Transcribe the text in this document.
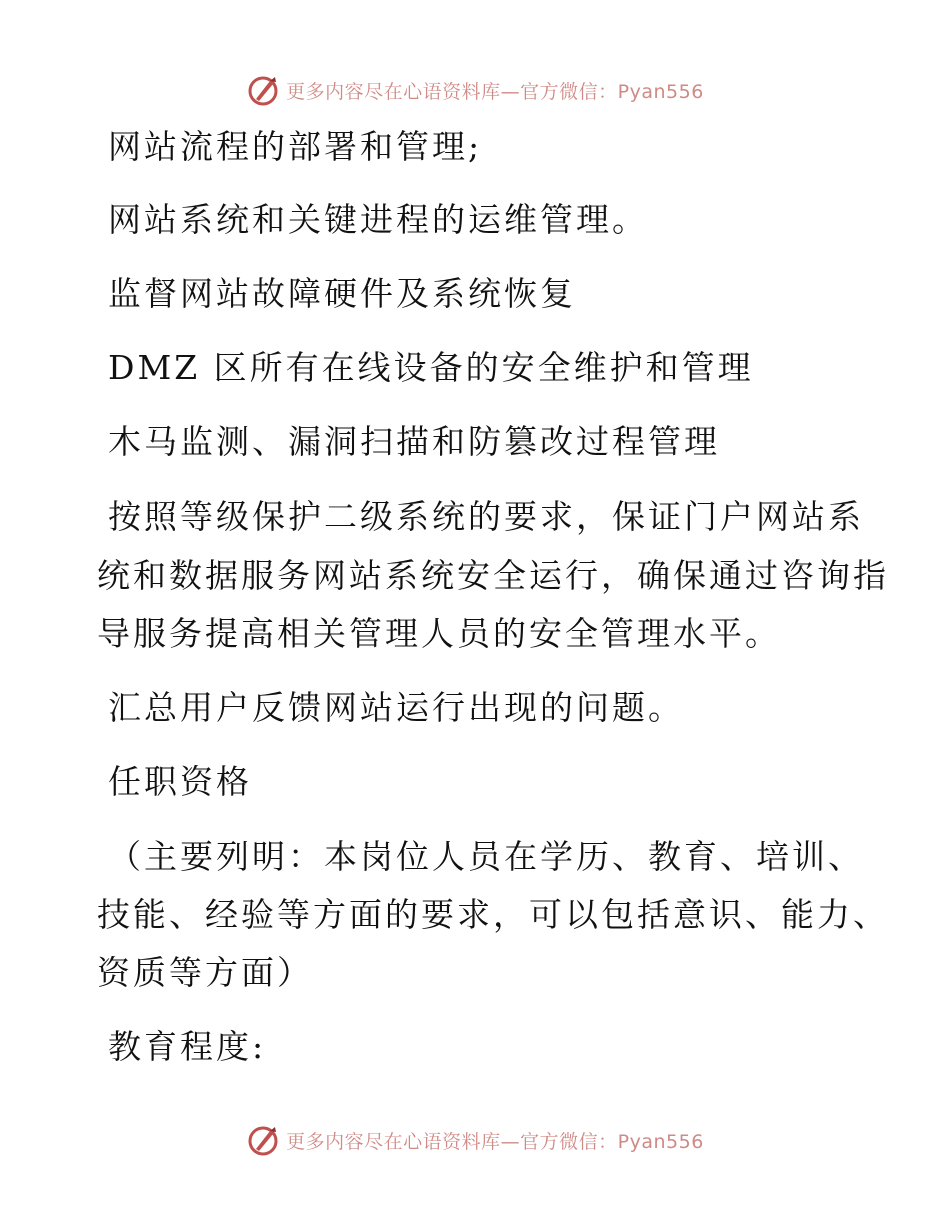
更多内容尽在心语资料库—官方微信：Pyan556
网站流程的部署和管理;
网站系统和关键进程的运维管理。
监督网站故障硬件及系统恢复
DMZ 区所有在线设备的安全维护和管理
木马监测、漏洞扫描和防篡改过程管理
按照等级保护二级系统的要求，保证门户网站系
统和数据服务网站系统安全运行，确保通过咨询指
导服务提高相关管理人员的安全管理水平。
汇总用户反馈网站运行出现的问题。
任职资格
（主要列明：本岗位人员在学历、教育、培训、
技能、经验等方面的要求，可以包括意识、能力、
资质等方面）
教育程度:
更多内容尽在心语资料库—官方微信：Pyan556
